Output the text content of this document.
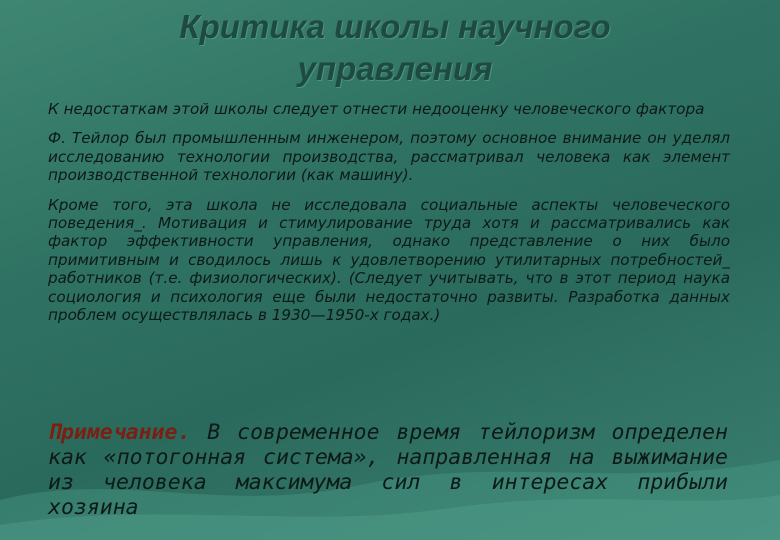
Критика школы научного
управления

К недостаткам этой школы следует отнести недооценку человеческого фактора

Ф. Тейлор был промышленным инженером, поэтому основное внимание он уделял исследованию технологии производства, рассматривал человека как элемент производственной технологии (как машину).

Кроме того, эта школа не исследовала социальные аспекты человеческого поведения_. Мотивация и стимулирование труда хотя и рассматривались как фактор эффективности управления, однако представление о них было примитивным и сводилось лишь к удовлетворению утилитарных потребностей_ работников (т.е. физиологических). (Следует учитывать, что в этот период наука социология и психология еще были недостаточно развиты. Разработка данных проблем осуществлялась в 1930—1950-х годах.)

Примечание. В современное время тейлоризм определен как «потогонная система», направленная на выжимание из человека максимума сил в интересах прибыли хозяина
